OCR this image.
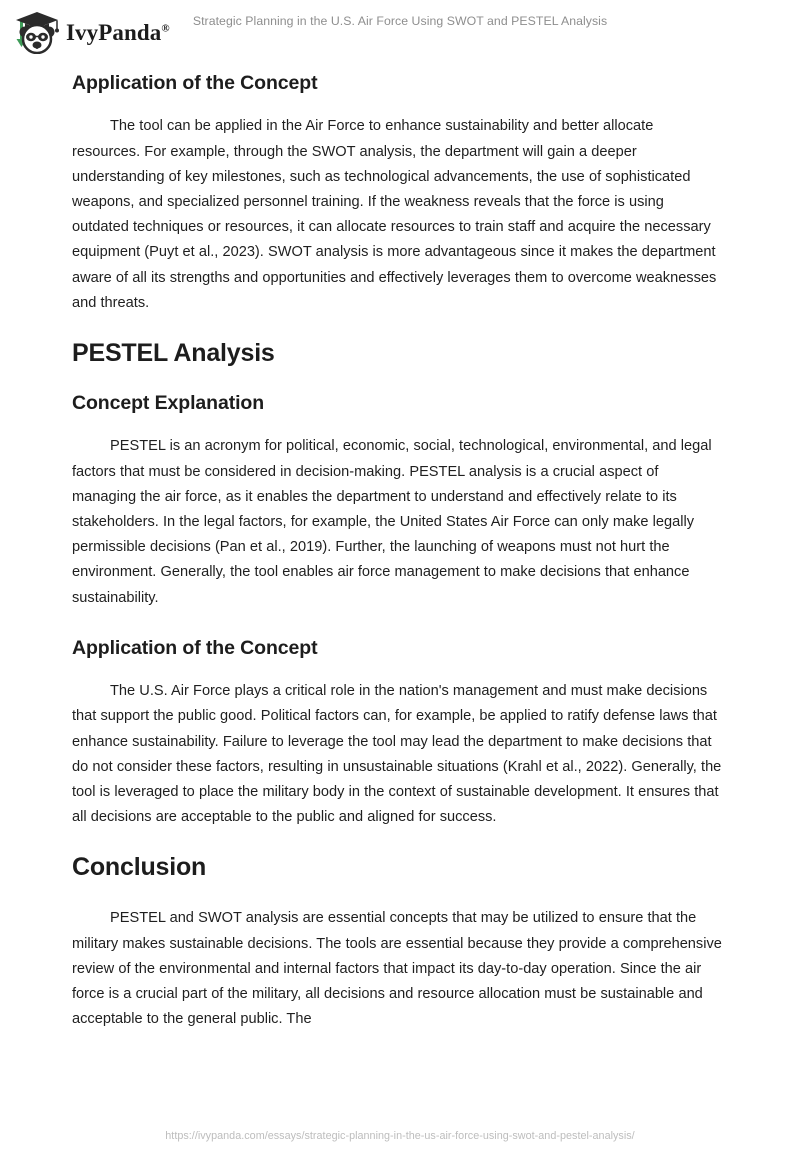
IvyPanda®	Strategic Planning in the U.S. Air Force Using SWOT and PESTEL Analysis
Application of the Concept

The tool can be applied in the Air Force to enhance sustainability and better allocate resources. For example, through the SWOT analysis, the department will gain a deeper understanding of key milestones, such as technological advancements, the use of sophisticated weapons, and specialized personnel training. If the weakness reveals that the force is using outdated techniques or resources, it can allocate resources to train staff and acquire the necessary equipment (Puyt et al., 2023). SWOT analysis is more advantageous since it makes the department aware of all its strengths and opportunities and effectively leverages them to overcome weaknesses and threats.

PESTEL Analysis
Concept Explanation

PESTEL is an acronym for political, economic, social, technological, environmental, and legal factors that must be considered in decision-making. PESTEL analysis is a crucial aspect of managing the air force, as it enables the department to understand and effectively relate to its stakeholders. In the legal factors, for example, the United States Air Force can only make legally permissible decisions (Pan et al., 2019). Further, the launching of weapons must not hurt the environment. Generally, the tool enables air force management to make decisions that enhance sustainability.

Application of the Concept

The U.S. Air Force plays a critical role in the nation's management and must make decisions that support the public good. Political factors can, for example, be applied to ratify defense laws that enhance sustainability. Failure to leverage the tool may lead the department to make decisions that do not consider these factors, resulting in unsustainable situations (Krahl et al., 2022). Generally, the tool is leveraged to place the military body in the context of sustainable development. It ensures that all decisions are acceptable to the public and aligned for success.

Conclusion

PESTEL and SWOT analysis are essential concepts that may be utilized to ensure that the military makes sustainable decisions. The tools are essential because they provide a comprehensive review of the environmental and internal factors that impact its day-to-day operation. Since the air force is a crucial part of the military, all decisions and resource allocation must be sustainable and acceptable to the general public. The

https://ivypanda.com/essays/strategic-planning-in-the-us-air-force-using-swot-and-pestel-analysis/
